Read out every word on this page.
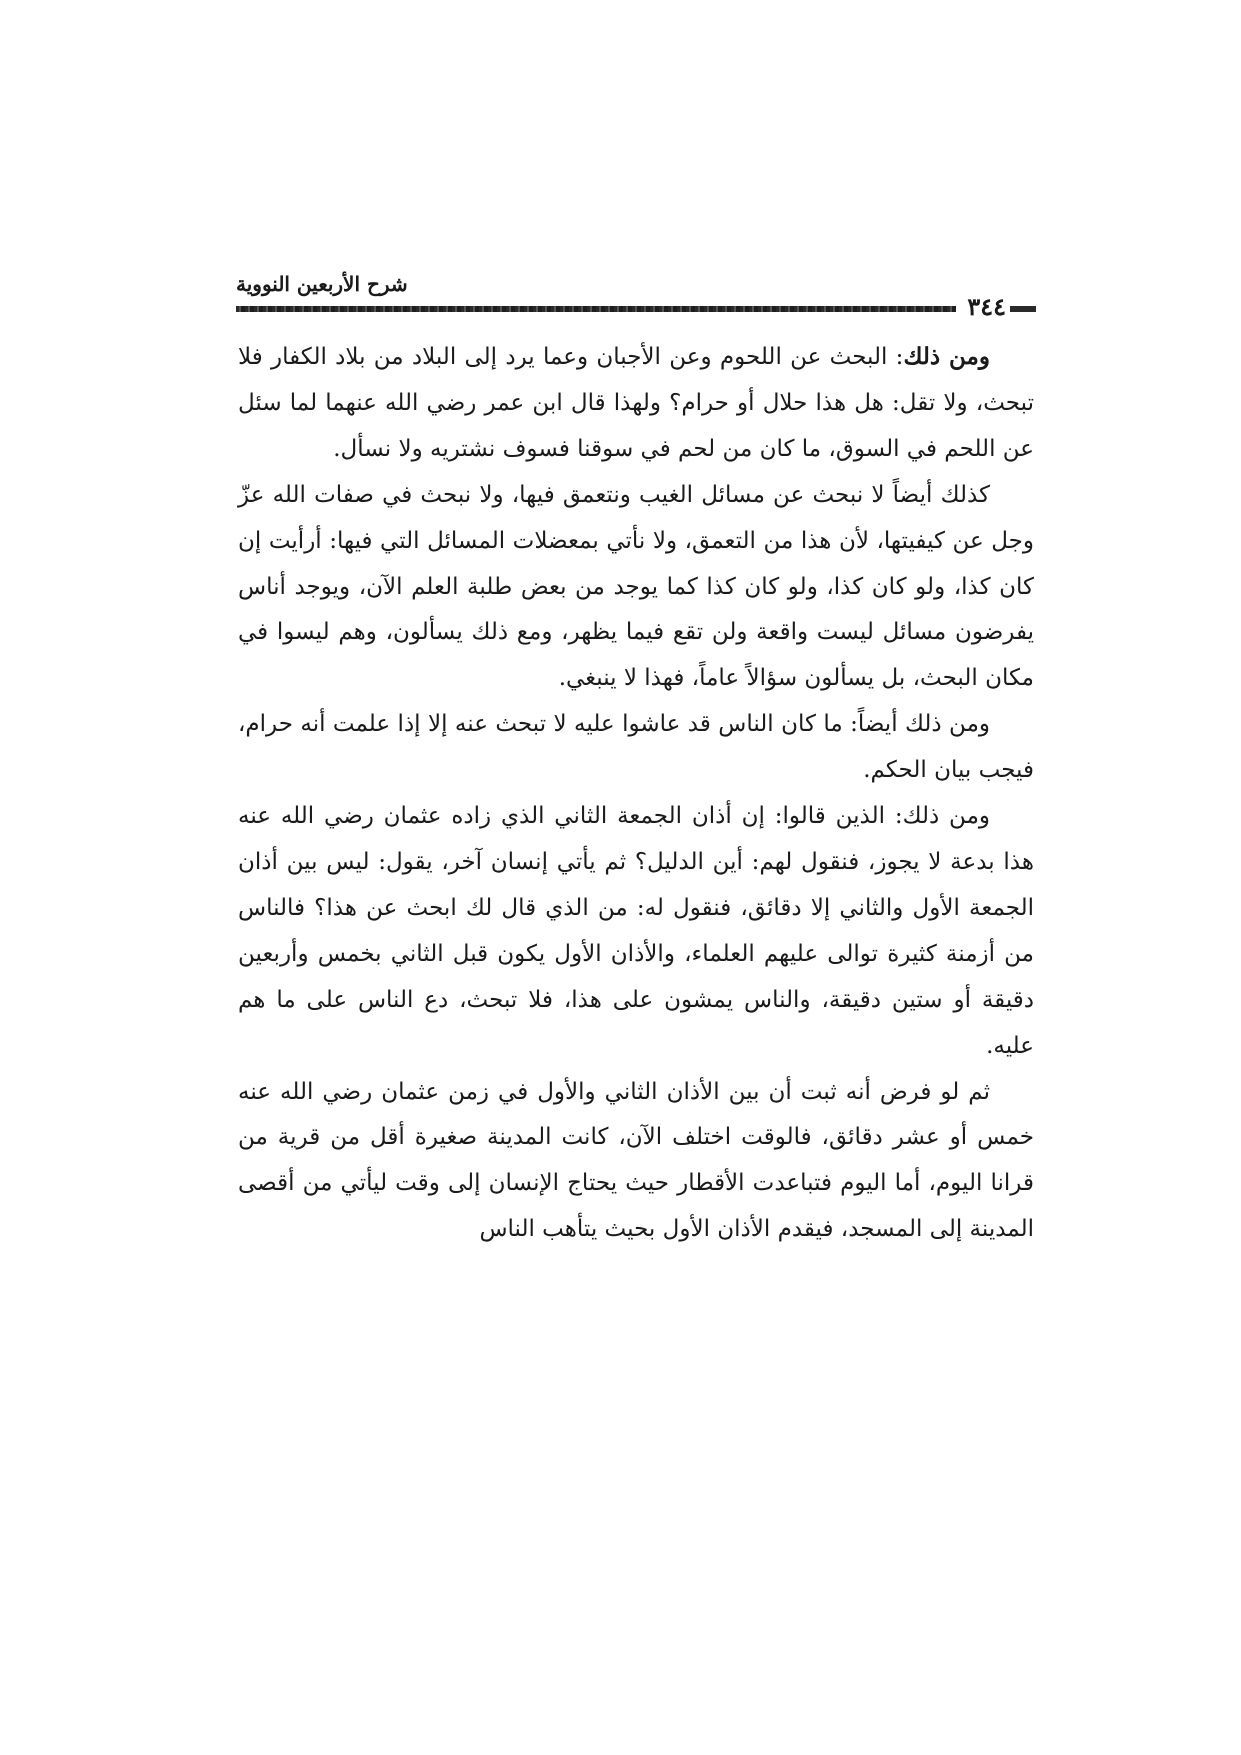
شرح الأربعين النووية
٣٤٤

ومن ذلك: البحث عن اللحوم وعن الأجبان وعما يرد إلى البلاد من بلاد الكفار فلا تبحث، ولا تقل: هل هذا حلال أو حرام؟ ولهذا قال ابن عمر رضي الله عنهما لما سئل عن اللحم في السوق، ما كان من لحم في سوقنا فسوف نشتريه ولا نسأل.

كذلك أيضاً لا نبحث عن مسائل الغيب ونتعمق فيها، ولا نبحث في صفات الله عزّ وجل عن كيفيتها، لأن هذا من التعمق، ولا نأتي بمعضلات المسائل التي فيها: أرأيت إن كان كذا، ولو كان كذا، ولو كان كذا كما يوجد من بعض طلبة العلم الآن، ويوجد أناس يفرضون مسائل ليست واقعة ولن تقع فيما يظهر، ومع ذلك يسألون، وهم ليسوا في مكان البحث، بل يسألون سؤالاً عاماً، فهذا لا ينبغي.

ومن ذلك أيضاً: ما كان الناس قد عاشوا عليه لا تبحث عنه إلا إذا علمت أنه حرام، فيجب بيان الحكم.

ومن ذلك: الذين قالوا: إن أذان الجمعة الثاني الذي زاده عثمان رضي الله عنه هذا بدعة لا يجوز، فنقول لهم: أين الدليل؟ ثم يأتي إنسان آخر، يقول: ليس بين أذان الجمعة الأول والثاني إلا دقائق، فنقول له: من الذي قال لك ابحث عن هذا؟ فالناس من أزمنة كثيرة توالى عليهم العلماء، والأذان الأول يكون قبل الثاني بخمس وأربعين دقيقة أو ستين دقيقة، والناس يمشون على هذا، فلا تبحث، دع الناس على ما هم عليه.

ثم لو فرض أنه ثبت أن بين الأذان الثاني والأول في زمن عثمان رضي الله عنه خمس أو عشر دقائق، فالوقت اختلف الآن، كانت المدينة صغيرة أقل من قرية من قرانا اليوم، أما اليوم فتباعدت الأقطار حيث يحتاج الإنسان إلى وقت ليأتي من أقصى المدينة إلى المسجد، فيقدم الأذان الأول بحيث يتأهب الناس
